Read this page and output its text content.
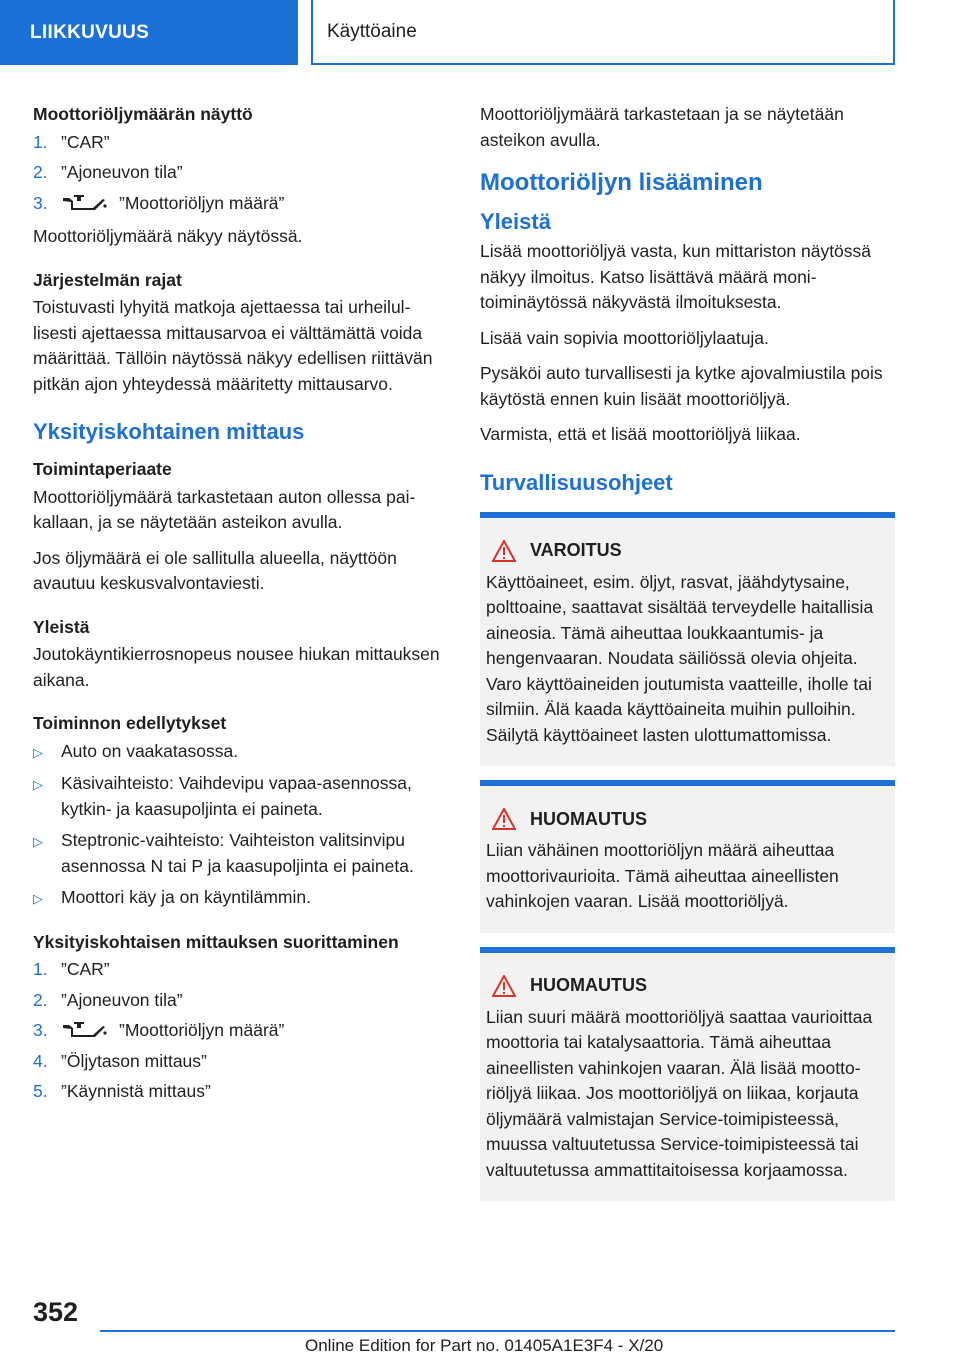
LIIKKUVUUS	Käyttöaine
Moottoriöljymäärän näyttö
1. ”CAR”
2. ”Ajoneuvon tila”
3.	”Moottoriöljyn määrä”

Moottoriöljymäärä näkyy näytössä.

Järjestelmän rajat

Toistuvasti lyhyitä matkoja ajettaessa tai urheilullisesti ajettaessa mittausarvoa ei välttämättä voida määrittää. Tällöin näytössä näkyy edellisen riittävän pitkän ajon yhteydessä määritetty mittausarvo.

Yksityiskohtainen mittaus
Toimintaperiaate

Moottoriöljymäärä tarkastetaan auton ollessa paikallaan, ja se näytetään asteikon avulla.

Jos öljymäärä ei ole sallitulla alueella, näyttöön avautuu keskusvalvontaviesti.

Yleistä

Joutokäyntikierrosnopeus nousee hiukan mittauksen aikana.

Toiminnon edellytykset
▷	Auto on vaakatasossa.
▷	Käsivaihteisto: Vaihdevipu vapaa-asennossa, kytkin- ja kaasupoljinta ei paineta.
▷	Steptronic-vaihteisto: Vaihteiston valitsinvipu asennossa N tai P ja kaasupoljinta ei paineta.
▷	Moottori käy ja on käyntilämmin.
Yksityiskohtaisen mittauksen suorittaminen
1. ”CAR”
2. ”Ajoneuvon tila”
3.	”Moottoriöljyn määrä”
4. ”Öljytason mittaus”
5. ”Käynnistä mittaus”

Moottoriöljymäärä tarkastetaan ja se näytetään asteikon avulla.

Moottoriöljyn lisääminen
Yleistä

Lisää moottoriöljyä vasta, kun mittariston näytössä näkyy ilmoitus. Katso lisättävä määrä monitoiminäytössä näkyvästä ilmoituksesta.

Lisää vain sopivia moottoriöljylaatuja.

Pysäköi auto turvallisesti ja kytke ajovalmiustila pois käytöstä ennen kuin lisäät moottoriöljyä.

Varmista, että et lisää moottoriöljyä liikaa.

Turvallisuusohjeet
VAROITUS

Käyttöaineet, esim. öljyt, rasvat, jäähdytysaine, polttoaine, saattavat sisältää terveydelle haitallisia aineosia. Tämä aiheuttaa loukkaantumis- ja hengenvaaran. Noudata säiliössä olevia ohjeita. Varo käyttöaineiden joutumista vaatteille, iholle tai silmiin. Älä kaada käyttöaineita muihin pulloihin. Säilytä käyttöaineet lasten ulottumattomissa.

HUOMAUTUS

Liian vähäinen moottoriöljyn määrä aiheuttaa moottorivaurioita. Tämä aiheuttaa aineellisten vahinkojen vaaran. Lisää moottoriöljyä.

HUOMAUTUS

Liian suuri määrä moottoriöljyä saattaa vaurioittaa moottoria tai katalysaattoria. Tämä aiheuttaa aineellisten vahinkojen vaaran. Älä lisää moottoriöljyä liikaa. Jos moottoriöljyä on liikaa, korjauta öljymäärä valmistajan Service-toimipisteessä, muussa valtuutetussa Service-toimipisteessä tai valtuutetussa ammattitaitoisessa korjaamossa.

352
Online Edition for Part no. 01405A1E3F4 - X/20
